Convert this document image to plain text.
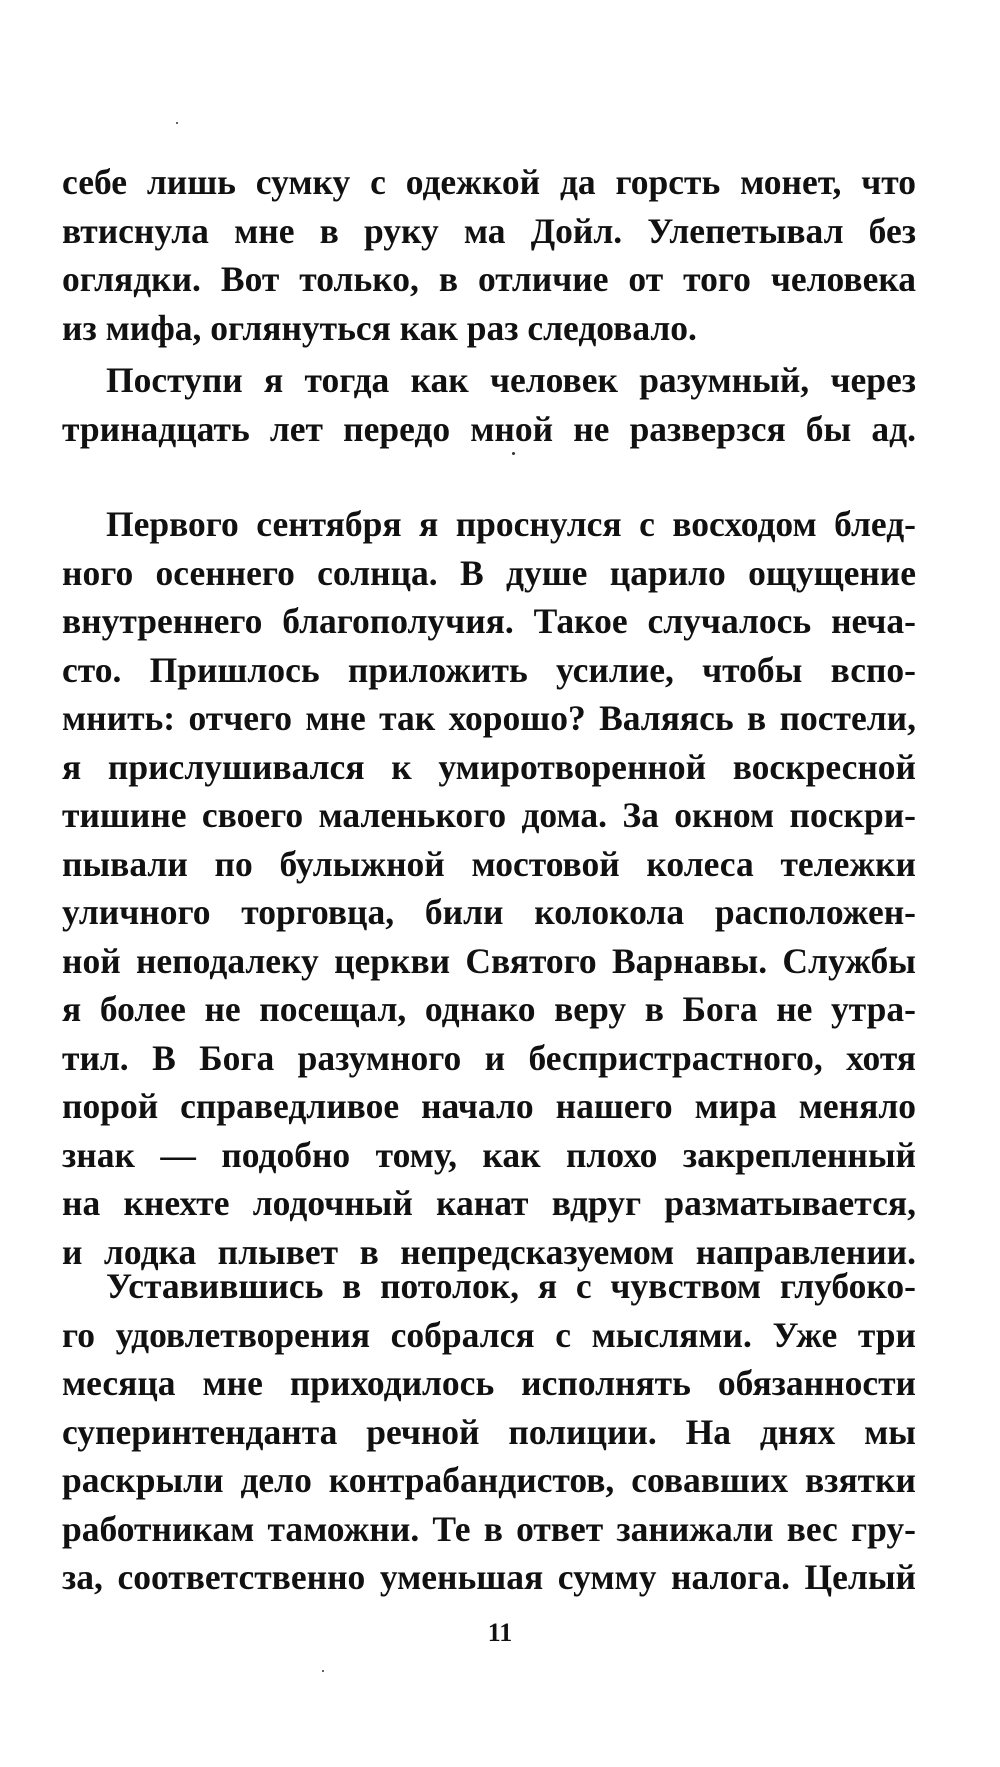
себе лишь сумку с одежкой да горсть монет, что
втиснула мне в руку ма Дойл. Улепетывал без
оглядки. Вот только, в отличие от того человека
из мифа, оглянуться как раз следовало.
Поступи я тогда как человек разумный, через
тринадцать лет передо мной не разверзся бы ад.
Первого сентября я проснулся с восходом блед-
ного осеннего солнца. В душе царило ощущение
внутреннего благополучия. Такое случалось неча-
сто. Пришлось приложить усилие, чтобы вспо-
мнить: отчего мне так хорошо? Валяясь в постели,
я прислушивался к умиротворенной воскресной
тишине своего маленького дома. За окном поскри-
пывали по булыжной мостовой колеса тележки
уличного торговца, били колокола расположен-
ной неподалеку церкви Святого Варнавы. Службы
я более не посещал, однако веру в Бога не утра-
тил. В Бога разумного и беспристрастного, хотя
порой справедливое начало нашего мира меняло
знак — подобно тому, как плохо закрепленный
на кнехте лодочный канат вдруг разматывается,
и лодка плывет в непредсказуемом направлении.
Уставившись в потолок, я с чувством глубоко-
го удовлетворения собрался с мыслями. Уже три
месяца мне приходилось исполнять обязанности
суперинтенданта речной полиции. На днях мы
раскрыли дело контрабандистов, совавших взятки
работникам таможни. Те в ответ занижали вес гру-
за, соответственно уменьшая сумму налога. Целый
11
